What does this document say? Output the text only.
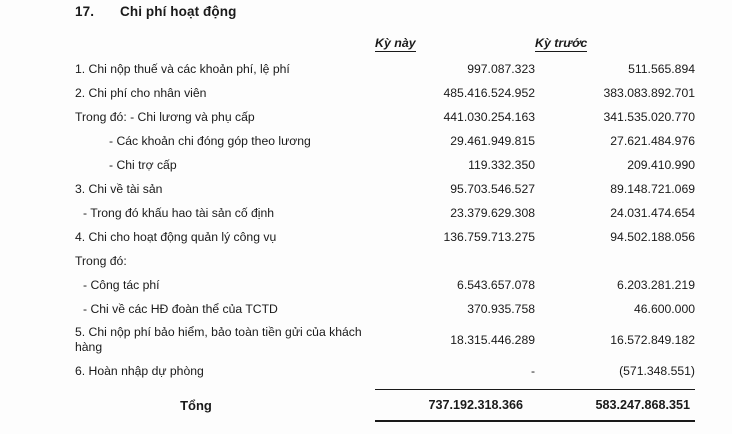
17.	Chi phí hoạt động
	Kỳ này	Kỳ trước

1. Chi nộp thuế và các khoản phí, lệ phí	997.087.323	511.565.894

2. Chi phí cho nhân viên	485.416.524.952	383.083.892.701

Trong đó: - Chi lương và phụ cấp	441.030.254.163	341.535.020.770

- Các khoản chi đóng góp theo lương	29.461.949.815	27.621.484.976

- Chi trợ cấp	119.332.350	209.410.990

3. Chi về tài sản	95.703.546.527	89.148.721.069

- Trong đó khấu hao tài sản cố định	23.379.629.308	24.031.474.654

4. Chi cho hoạt động quản lý công vụ	136.759.713.275	94.502.188.056

Trong đó:		

- Công tác phí	6.543.657.078	6.203.281.219

- Chi về các HĐ đoàn thể của TCTD	370.935.758	46.600.000

5. Chi nộp phí bảo hiểm, bảo toàn tiền gửi của khách hàng	18.315.446.289	16.572.849.182

6. Hoàn nhập dự phòng	-	(571.348.551)

Tổng	737.192.318.366	583.247.868.351
